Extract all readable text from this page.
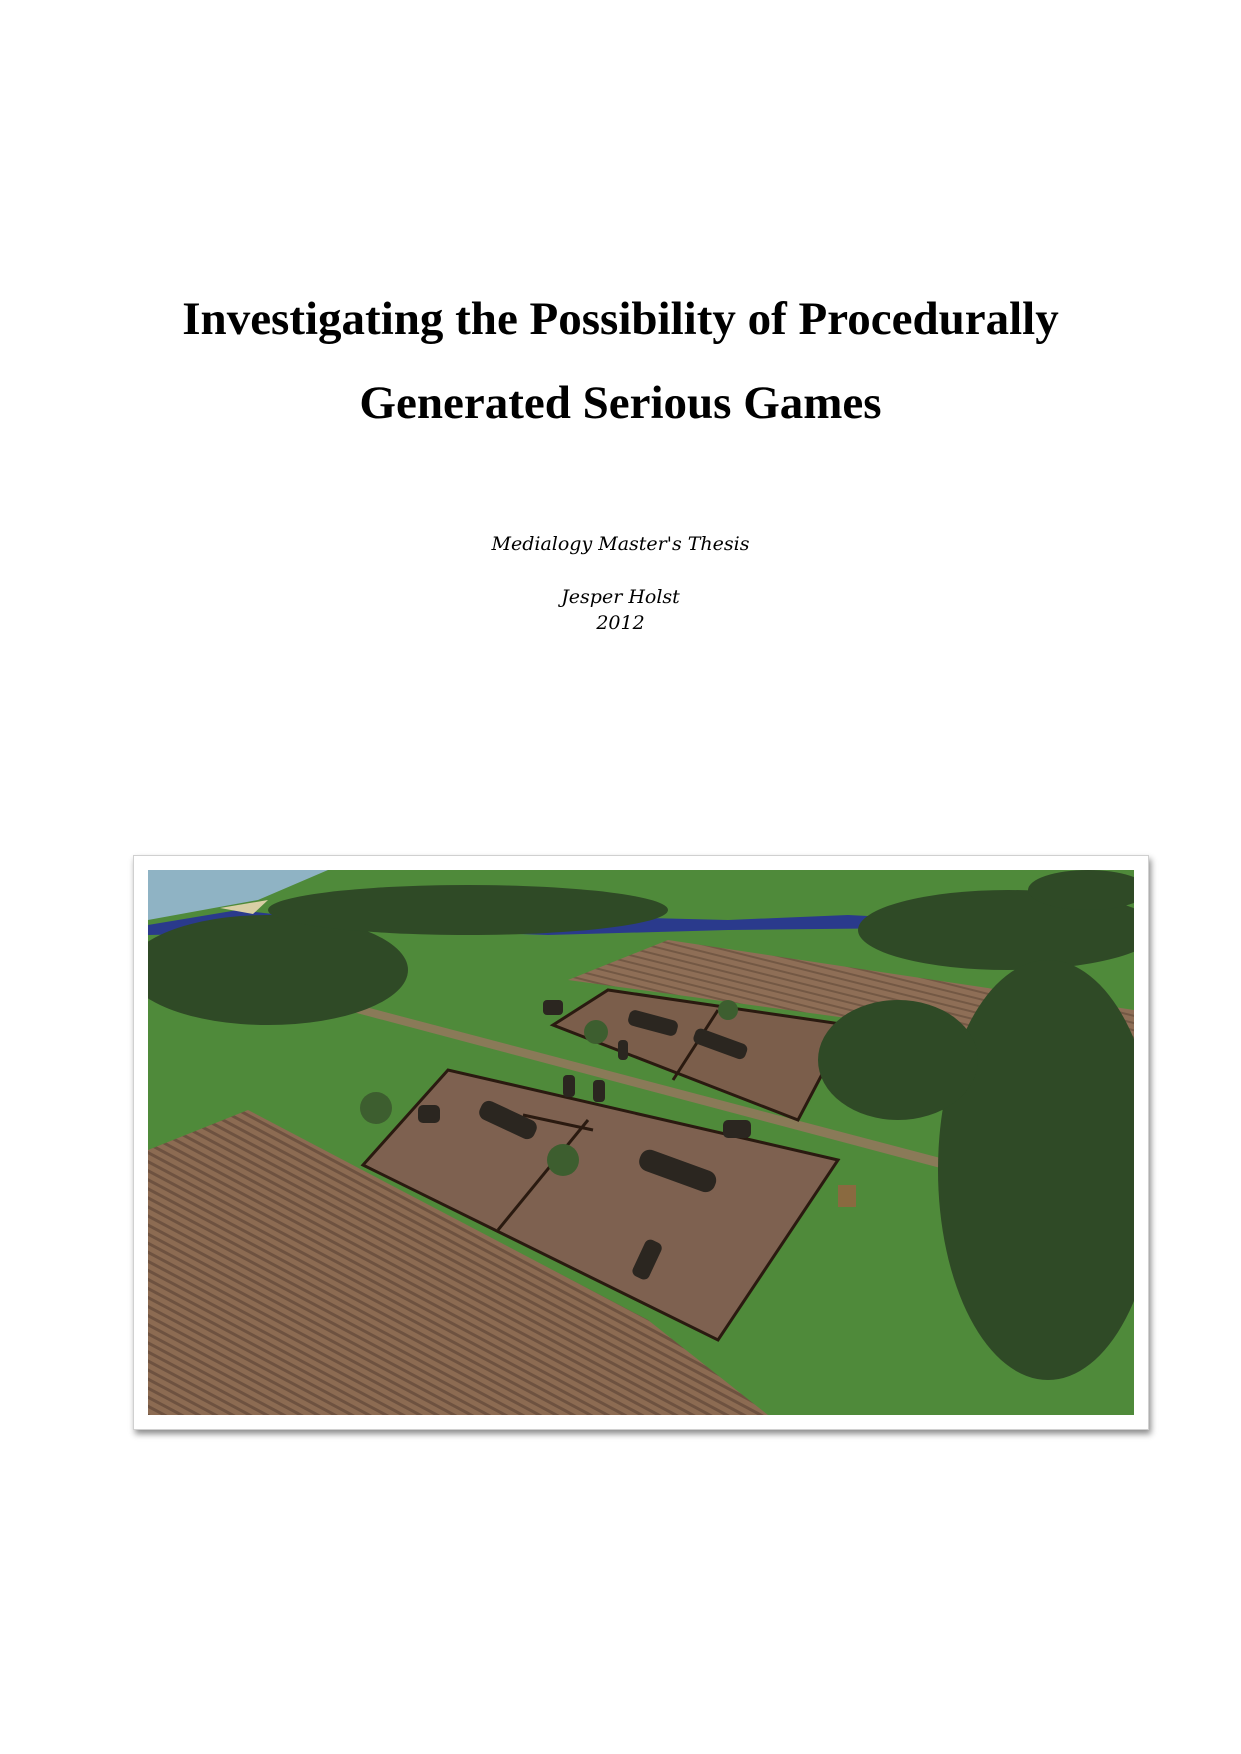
Investigating the Possibility of Procedurally
Generated Serious Games
Medialogy Master's Thesis
Jesper Holst
2012
